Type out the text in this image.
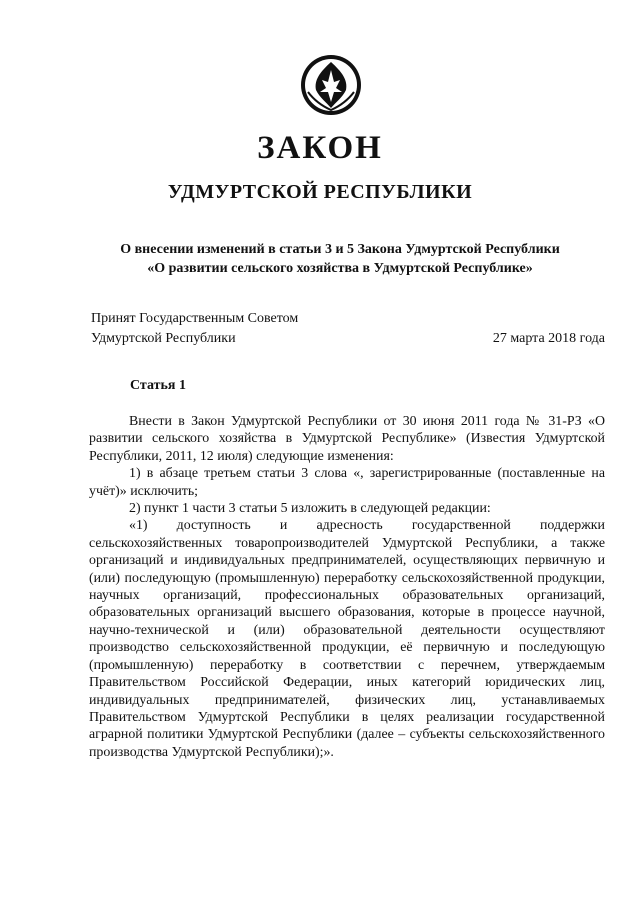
ЗАКОН
УДМУРТСКОЙ РЕСПУБЛИКИ
О внесении изменений в статьи 3 и 5 Закона Удмуртской Республики
«О развитии сельского хозяйства в Удмуртской Республике»
Принят Государственным Советом
Удмуртской Республики	27 марта 2018 года
Статья 1

Внести в Закон Удмуртской Республики от 30 июня 2011 года № 31-РЗ «О развитии сельского хозяйства в Удмуртской Республике» (Известия Удмуртской Республики, 2011, 12 июля) следующие изменения:

1) в абзаце третьем статьи 3 слова «, зарегистрированные (поставленные на учёт)» исключить;

2) пункт 1 части 3 статьи 5 изложить в следующей редакции:

«1) доступность и адресность государственной поддержки сельскохозяйственных товаропроизводителей Удмуртской Республики, а также организаций и индивидуальных предпринимателей, осуществляющих первичную и (или) последующую (промышленную) переработку сельскохозяйственной продукции, научных организаций, профессиональных образовательных организаций, образовательных организаций высшего образования, которые в процессе научной, научно-технической и (или) образовательной деятельности осуществляют производство сельскохозяйственной продукции, её первичную и последующую (промышленную) переработку в соответствии с перечнем, утверждаемым Правительством Российской Федерации, иных категорий юридических лиц, индивидуальных предпринимателей, физических лиц, устанавливаемых Правительством Удмуртской Республики в целях реализации государственной аграрной политики Удмуртской Республики (далее – субъекты сельскохозяйственного производства Удмуртской Республики);».
